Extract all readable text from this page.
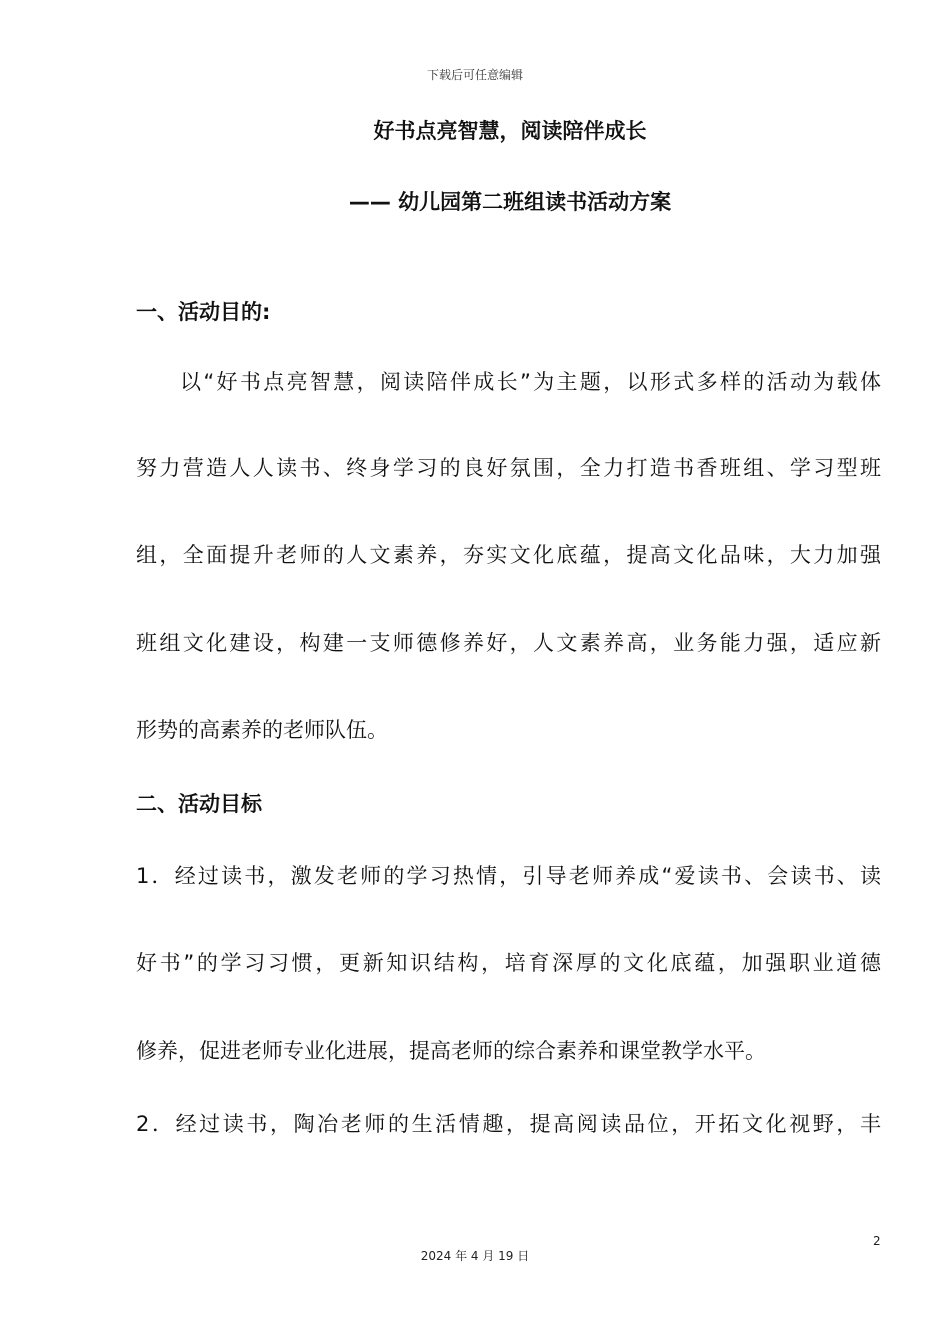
下载后可任意编辑
好书点亮智慧，阅读陪伴成长
—— 幼儿园第二班组读书活动方案
一、活动目的:
以“好书点亮智慧，阅读陪伴成长”为主题，以形式多样的活动为载体
努力营造人人读书、终身学习的良好氛围，全力打造书香班组、学习型班
组，全面提升老师的人文素养，夯实文化底蕴，提高文化品味，大力加强
班组文化建设，构建一支师德修养好，人文素养高，业务能力强，适应新
形势的高素养的老师队伍。
二、活动目标
1．经过读书，激发老师的学习热情，引导老师养成“爱读书、会读书、读
好书”的学习习惯，更新知识结构，培育深厚的文化底蕴，加强职业道德
修养，促进老师专业化进展，提高老师的综合素养和课堂教学水平。
2．经过读书，陶冶老师的生活情趣，提高阅读品位，开拓文化视野，丰
2
2024 年 4 月 19 日
